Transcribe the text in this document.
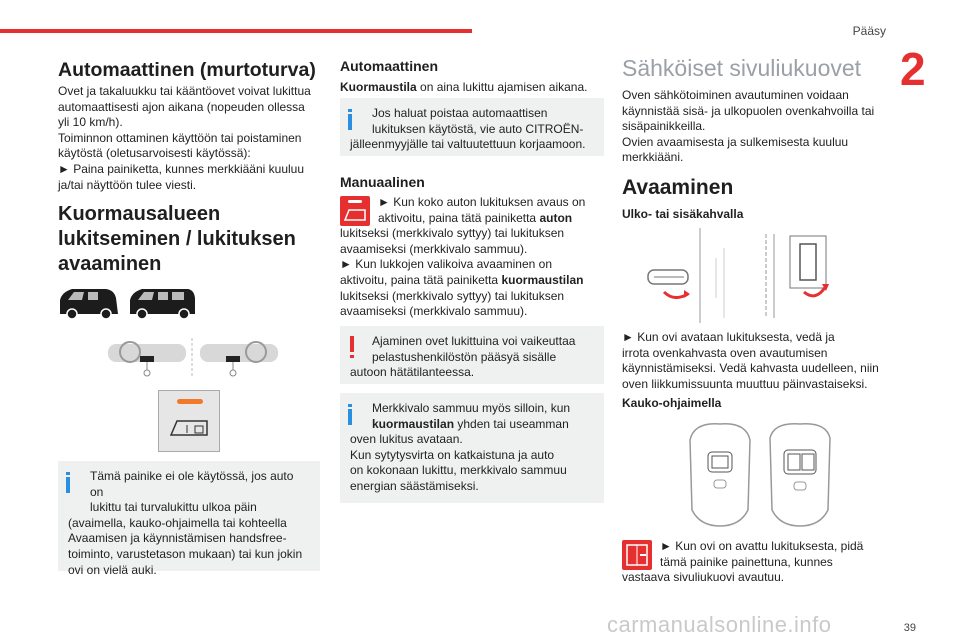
Pääsy
2
Automaattinen (murtoturva)
Ovet ja takaluukku tai kääntöovet voivat lukittua
automaattisesti ajon aikana (nopeuden ollessa
yli 10 km/h).
Toiminnon ottaminen käyttöön tai poistaminen
käytöstä (oletusarvoisesti käytössä):
► Paina painiketta, kunnes merkkiääni kuuluu
ja/tai näyttöön tulee viesti.
Kuormausalueen
lukitseminen / lukituksen
avaaminen
Tämä painike ei ole käytössä, jos auto on
lukittu tai turvalukittu ulkoa päin
(avaimella, kauko-ohjaimella tai kohteella
Avaamisen ja käynnistämisen handsfree-
toiminto, varustetason mukaan) tai kun jokin
ovi on vielä auki.
Automaattinen
Kuormaustila on aina lukittu ajamisen aikana.
Jos haluat poistaa automaattisen
lukituksen käytöstä, vie auto CITROËN-
jälleenmyyjälle tai valtuutettuun korjaamoon.
Manuaalinen
► Kun koko auton lukituksen avaus on
aktivoitu, paina tätä painiketta auton
lukitseksi (merkkivalo syttyy) tai lukituksen
avaamiseksi (merkkivalo sammuu).
► Kun lukkojen valikoiva avaaminen on
aktivoitu, paina tätä painiketta kuormaustilan
lukitseksi (merkkivalo syttyy) tai lukituksen
avaamiseksi (merkkivalo sammuu).
Ajaminen ovet lukittuina voi vaikeuttaa
pelastushenkilöstön pääsyä sisälle
autoon hätätilanteessa.
Merkkivalo sammuu myös silloin, kun
kuormaustilan yhden tai useamman
oven lukitus avataan.
Kun sytytysvirta on katkaistuna ja auto
on kokonaan lukittu, merkkivalo sammuu
energian säästämiseksi.
Sähköiset sivuliukuovet
Oven sähkötoiminen avautuminen voidaan
käynnistää sisä- ja ulkopuolen ovenkahvoilla tai
sisäpainikkeilla.
Ovien avaamisesta ja sulkemisesta kuuluu
merkkiääni.
Avaaminen
Ulko- tai sisäkahvalla
► Kun ovi avataan lukituksesta, vedä ja
irrota ovenkahvasta oven avautumisen
käynnistämiseksi. Vedä kahvasta uudelleen, niin
oven liikkumissuunta muuttuu päinvastaiseksi.
Kauko-ohjaimella
► Kun ovi on avattu lukituksesta, pidä
tämä painike painettuna, kunnes
vastaava sivuliukuovi avautuu.
carmanualsonline.info	39
